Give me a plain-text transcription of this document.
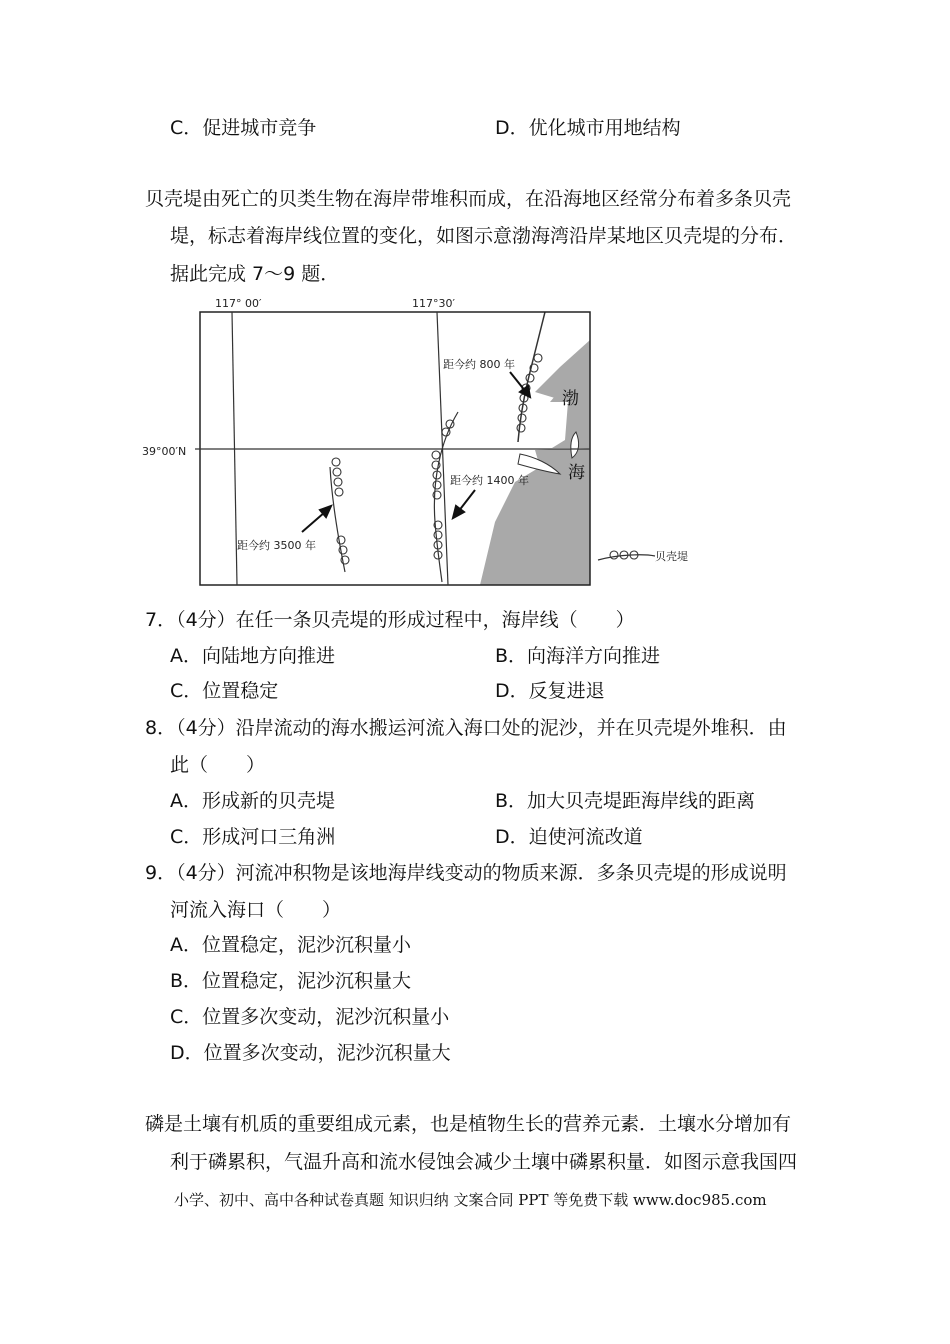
C．促进城市竞争	D．优化城市用地结构
贝壳堤由死亡的贝类生物在海岸带堆积而成，在沿海地区经常分布着多条贝壳
堤，标志着海岸线位置的变化，如图示意渤海湾沿岸某地区贝壳堤的分布．
据此完成 7～9 题．
117° 00′	117°30′
39°00′N
距今约 800 年
距今约 1400 年
距今约 3500 年
渤
海
贝壳堤
7．（4分）在任一条贝壳堤的形成过程中，海岸线（　　）
A．向陆地方向推进	B．向海洋方向推进
C．位置稳定	D．反复进退
8．（4分）沿岸流动的海水搬运河流入海口处的泥沙，并在贝壳堤外堆积．由
此（　　）
A．形成新的贝壳堤	B．加大贝壳堤距海岸线的距离
C．形成河口三角洲	D．迫使河流改道
9．（4分）河流冲积物是该地海岸线变动的物质来源．多条贝壳堤的形成说明
河流入海口（　　）
A．位置稳定，泥沙沉积量小
B．位置稳定，泥沙沉积量大
C．位置多次变动，泥沙沉积量小
D．位置多次变动，泥沙沉积量大
磷是土壤有机质的重要组成元素，也是植物生长的营养元素．土壤水分增加有
利于磷累积，气温升高和流水侵蚀会减少土壤中磷累积量．如图示意我国四
小学、初中、高中各种试卷真题 知识归纳 文案合同 PPT 等免费下载 www.doc985.com
